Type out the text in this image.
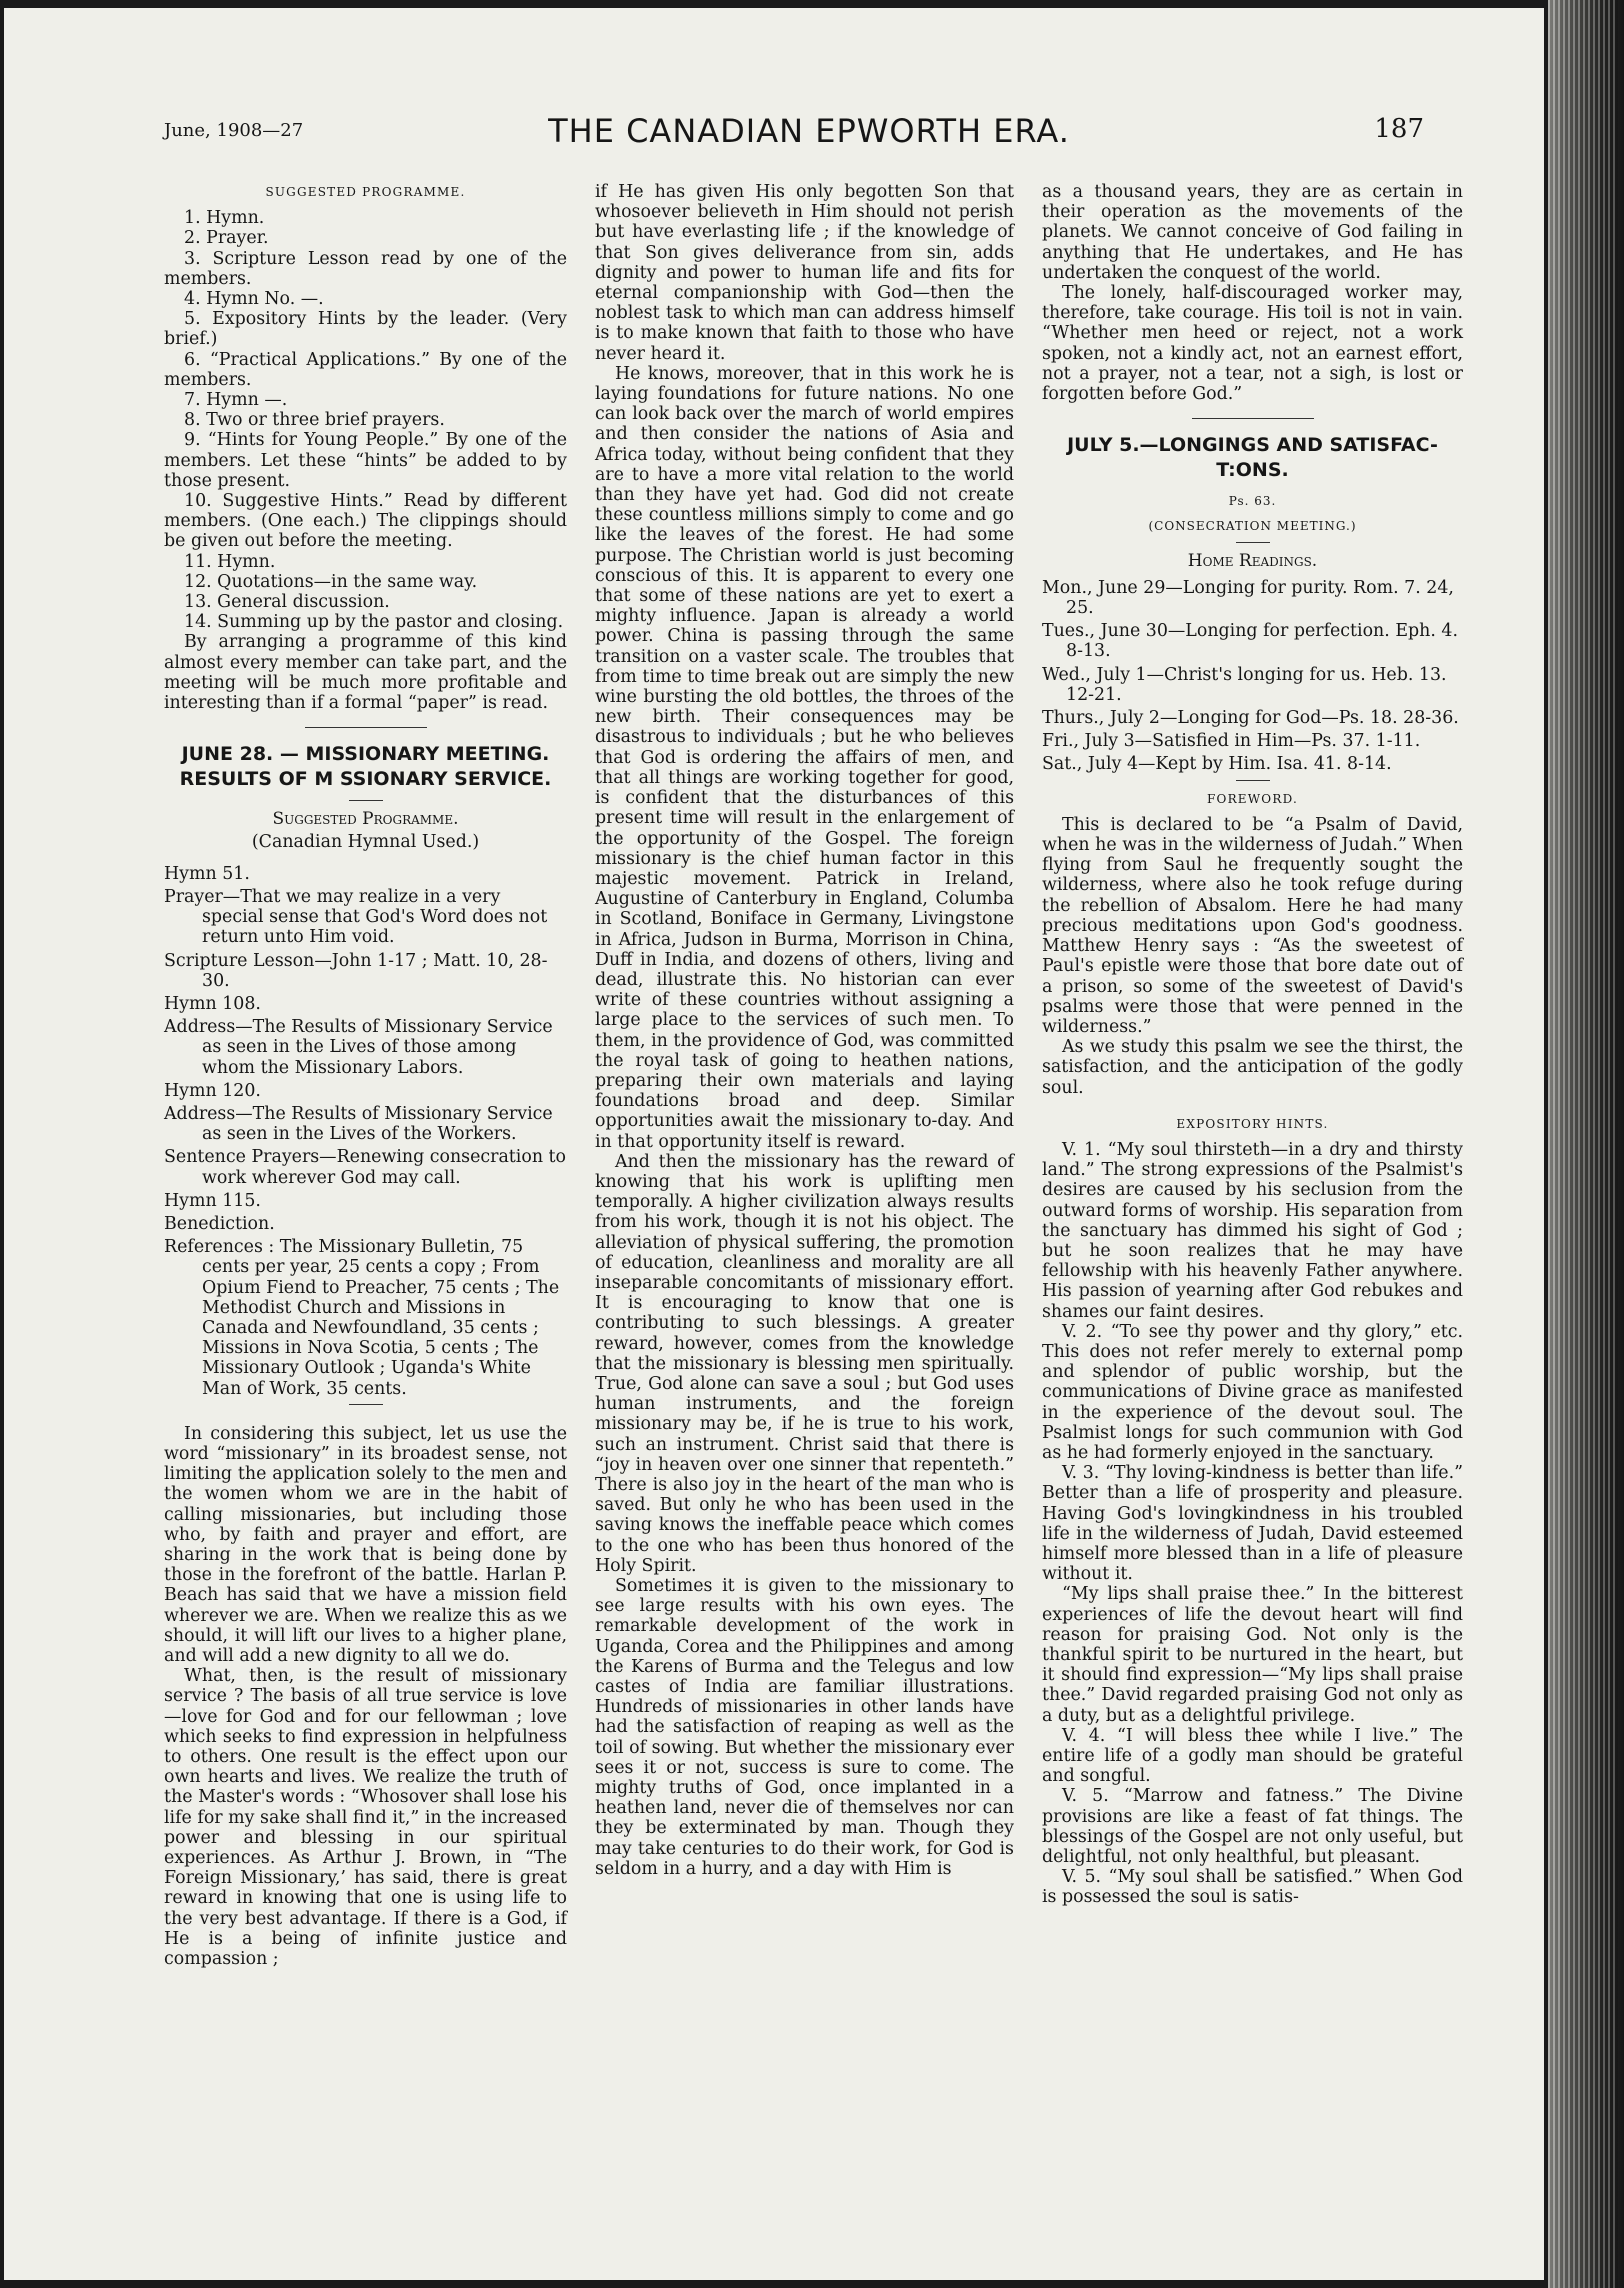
June, 1908—27	THE CANADIAN EPWORTH ERA.	187
SUGGESTED PROGRAMME.

1. Hymn.

2. Prayer.

3. Scripture Lesson read by one of the members.

4. Hymn No. —.

5. Expository Hints by the leader. (Very brief.)

6. “Practical Applications.” By one of the members.

7. Hymn —.

8. Two or three brief prayers.

9. “Hints for Young People.” By one of the members. Let these “hints” be added to by those present.

10. Suggestive Hints.” Read by different members. (One each.) The clippings should be given out before the meeting.

11. Hymn.

12. Quotations—in the same way.

13. General discussion.

14. Summing up by the pastor and closing.

By arranging a programme of this kind almost every member can take part, and the meeting will be much more profitable and interesting than if a formal “paper” is read.

JUNE 28. — MISSIONARY MEETING.
RESULTS OF M SSIONARY SERVICE.
Suggested Programme.

(Canadian Hymnal Used.)

Hymn 51.

Prayer—That we may realize in a very special sense that God's Word does not return unto Him void.

Scripture Lesson—John 1-17 ; Matt. 10, 28-30.

Hymn 108.

Address—The Results of Missionary Service as seen in the Lives of those among whom the Missionary Labors.

Hymn 120.

Address—The Results of Missionary Service as seen in the Lives of the Workers.

Sentence Prayers—Renewing consecration to work wherever God may call.

Hymn 115.

Benediction.

References : The Missionary Bulletin, 75 cents per year, 25 cents a copy ; From Opium Fiend to Preacher, 75 cents ; The Methodist Church and Missions in Canada and Newfoundland, 35 cents ; Missions in Nova Scotia, 5 cents ; The Missionary Outlook ; Uganda's White Man of Work, 35 cents.

In considering this subject, let us use the word “missionary” in its broadest sense, not limiting the application solely to the men and the women whom we are in the habit of calling missionaries, but including those who, by faith and prayer and effort, are sharing in the work that is being done by those in the forefront of the battle. Harlan P. Beach has said that we have a mission field wherever we are. When we realize this as we should, it will lift our lives to a higher plane, and will add a new dignity to all we do.

What, then, is the result of missionary service ? The basis of all true service is love—love for God and for our fellowman ; love which seeks to find expression in helpfulness to others. One result is the effect upon our own hearts and lives. We realize the truth of the Master's words : “Whosover shall lose his life for my sake shall find it,” in the increased power and blessing in our spiritual experiences. As Arthur J. Brown, in “The Foreign Missionary,’ has said, there is great reward in knowing that one is using life to the very best advantage. If there is a God, if He is a being of infinite justice and compassion ;

if He has given His only begotten Son that whosoever believeth in Him should not perish but have everlasting life ; if the knowledge of that Son gives deliverance from sin, adds dignity and power to human life and fits for eternal companionship with God—then the noblest task to which man can address himself is to make known that faith to those who have never heard it.

He knows, moreover, that in this work he is laying foundations for future nations. No one can look back over the march of world empires and then consider the nations of Asia and Africa today, without being confident that they are to have a more vital relation to the world than they have yet had. God did not create these countless millions simply to come and go like the leaves of the forest. He had some purpose. The Christian world is just becoming conscious of this. It is apparent to every one that some of these nations are yet to exert a mighty influence. Japan is already a world power. China is passing through the same transition on a vaster scale. The troubles that from time to time break out are simply the new wine bursting the old bottles, the throes of the new birth. Their consequences may be disastrous to individuals ; but he who believes that God is ordering the affairs of men, and that all things are working together for good, is confident that the disturbances of this present time will result in the enlargement of the opportunity of the Gospel. The foreign missionary is the chief human factor in this majestic movement. Patrick in Ireland, Augustine of Canterbury in England, Columba in Scotland, Boniface in Germany, Livingstone in Africa, Judson in Burma, Morrison in China, Duff in India, and dozens of others, living and dead, illustrate this. No historian can ever write of these countries without assigning a large place to the services of such men. To them, in the providence of God, was committed the royal task of going to heathen nations, preparing their own materials and laying foundations broad and deep. Similar opportunities await the missionary to-day. And in that opportunity itself is reward.

And then the missionary has the reward of knowing that his work is uplifting men temporally. A higher civilization always results from his work, though it is not his object. The alleviation of physical suffering, the promotion of education, cleanliness and morality are all inseparable concomitants of missionary effort. It is encouraging to know that one is contributing to such blessings. A greater reward, however, comes from the knowledge that the missionary is blessing men spiritually. True, God alone can save a soul ; but God uses human instruments, and the foreign missionary may be, if he is true to his work, such an instrument. Christ said that there is “joy in heaven over one sinner that repenteth.” There is also joy in the heart of the man who is saved. But only he who has been used in the saving knows the ineffable peace which comes to the one who has been thus honored of the Holy Spirit.

Sometimes it is given to the missionary to see large results with his own eyes. The remarkable development of the work in Uganda, Corea and the Philippines and among the Karens of Burma and the Telegus and low castes of India are familiar illustrations. Hundreds of missionaries in other lands have had the satisfaction of reaping as well as the toil of sowing. But whether the missionary ever sees it or not, success is sure to come. The mighty truths of God, once implanted in a heathen land, never die of themselves nor can they be exterminated by man. Though they may take centuries to do their work, for God is seldom in a hurry, and a day with Him is

as a thousand years, they are as certain in their operation as the movements of the planets. We cannot conceive of God failing in anything that He undertakes, and He has undertaken the conquest of the world.

The lonely, half-discouraged worker may, therefore, take courage. His toil is not in vain. “Whether men heed or reject, not a work spoken, not a kindly act, not an earnest effort, not a prayer, not a tear, not a sigh, is lost or forgotten before God.”

JULY 5.—LONGINGS AND SATISFAC-
T:ONS.
Ps. 63.
(CONSECRATION MEETING.)
Home Readings.

Mon., June 29—Longing for purity. Rom. 7. 24, 25.

Tues., June 30—Longing for perfection. Eph. 4. 8-13.

Wed., July 1—Christ's longing for us. Heb. 13. 12-21.

Thurs., July 2—Longing for God—Ps. 18. 28-36.

Fri., July 3—Satisfied in Him—Ps. 37. 1-11.

Sat., July 4—Kept by Him. Isa. 41. 8-14.

FOREWORD.

This is declared to be “a Psalm of David, when he was in the wilderness of Judah.” When flying from Saul he frequently sought the wilderness, where also he took refuge during the rebellion of Absalom. Here he had many precious meditations upon God's goodness. Matthew Henry says : “As the sweetest of Paul's epistle were those that bore date out of a prison, so some of the sweetest of David's psalms were those that were penned in the wilderness.”

As we study this psalm we see the thirst, the satisfaction, and the anticipation of the godly soul.

EXPOSITORY HINTS.

V. 1. “My soul thirsteth—in a dry and thirsty land.” The strong expressions of the Psalmist's desires are caused by his seclusion from the outward forms of worship. His separation from the sanctuary has dimmed his sight of God ; but he soon realizes that he may have fellowship with his heavenly Father anywhere. His passion of yearning after God rebukes and shames our faint desires.

V. 2. “To see thy power and thy glory,” etc. This does not refer merely to external pomp and splendor of public worship, but the communications of Divine grace as manifested in the experience of the devout soul. The Psalmist longs for such communion with God as he had formerly enjoyed in the sanctuary.

V. 3. “Thy loving-kindness is better than life.” Better than a life of prosperity and pleasure. Having God's lovingkindness in his troubled life in the wilderness of Judah, David esteemed himself more blessed than in a life of pleasure without it.

“My lips shall praise thee.” In the bitterest experiences of life the devout heart will find reason for praising God. Not only is the thankful spirit to be nurtured in the heart, but it should find expression—“My lips shall praise thee.” David regarded praising God not only as a duty, but as a delightful privilege.

V. 4. “I will bless thee while I live.” The entire life of a godly man should be grateful and songful.

V. 5. “Marrow and fatness.” The Divine provisions are like a feast of fat things. The blessings of the Gospel are not only useful, but delightful, not only healthful, but pleasant.

V. 5. “My soul shall be satisfied.” When God is possessed the soul is satis-
